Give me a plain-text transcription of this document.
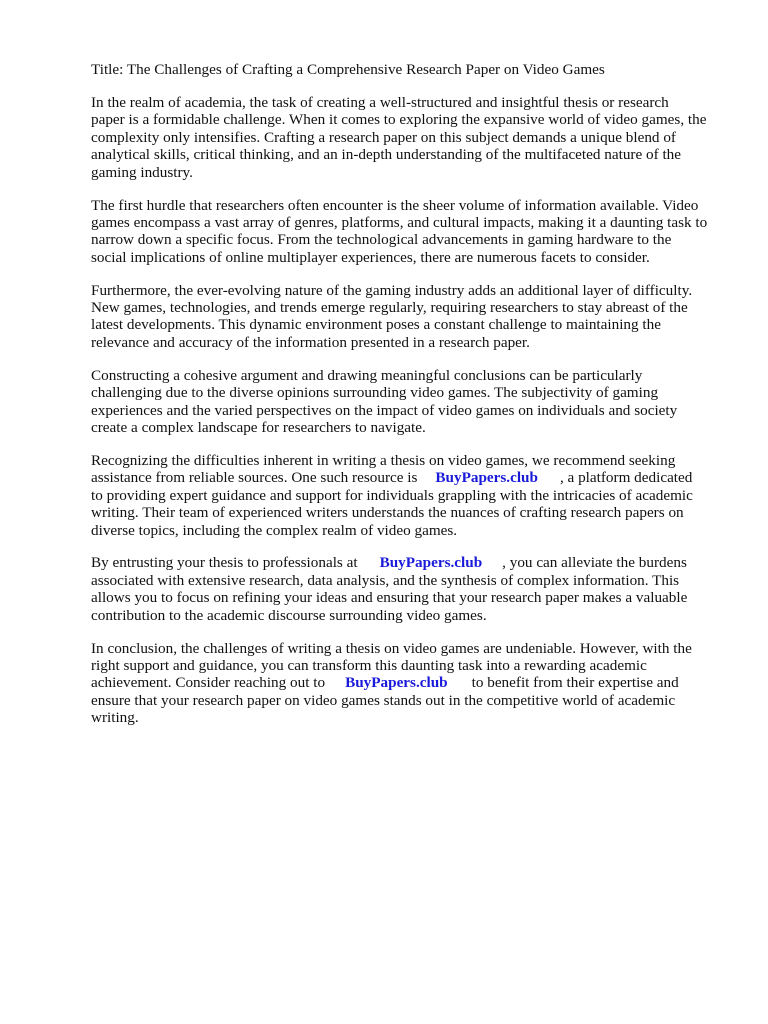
Title: The Challenges of Crafting a Comprehensive Research Paper on Video Games
In the realm of academia, the task of creating a well-structured and insightful thesis or research
paper is a formidable challenge. When it comes to exploring the expansive world of video games, the
complexity only intensifies. Crafting a research paper on this subject demands a unique blend of
analytical skills, critical thinking, and an in-depth understanding of the multifaceted nature of the
gaming industry.
The first hurdle that researchers often encounter is the sheer volume of information available. Video
games encompass a vast array of genres, platforms, and cultural impacts, making it a daunting task to
narrow down a specific focus. From the technological advancements in gaming hardware to the
social implications of online multiplayer experiences, there are numerous facets to consider.
Furthermore, the ever-evolving nature of the gaming industry adds an additional layer of difficulty.
New games, technologies, and trends emerge regularly, requiring researchers to stay abreast of the
latest developments. This dynamic environment poses a constant challenge to maintaining the
relevance and accuracy of the information presented in a research paper.
Constructing a cohesive argument and drawing meaningful conclusions can be particularly
challenging due to the diverse opinions surrounding video games. The subjectivity of gaming
experiences and the varied perspectives on the impact of video games on individuals and society
create a complex landscape for researchers to navigate.
Recognizing the difficulties inherent in writing a thesis on video games, we recommend seeking
assistance from reliable sources. One such resource is BuyPapers.club , a platform dedicated
to providing expert guidance and support for individuals grappling with the intricacies of academic
writing. Their team of experienced writers understands the nuances of crafting research papers on
diverse topics, including the complex realm of video games.
By entrusting your thesis to professionals at BuyPapers.club , you can alleviate the burdens
associated with extensive research, data analysis, and the synthesis of complex information. This
allows you to focus on refining your ideas and ensuring that your research paper makes a valuable
contribution to the academic discourse surrounding video games.
In conclusion, the challenges of writing a thesis on video games are undeniable. However, with the
right support and guidance, you can transform this daunting task into a rewarding academic
achievement. Consider reaching out to BuyPapers.club to benefit from their expertise and
ensure that your research paper on video games stands out in the competitive world of academic
writing.
